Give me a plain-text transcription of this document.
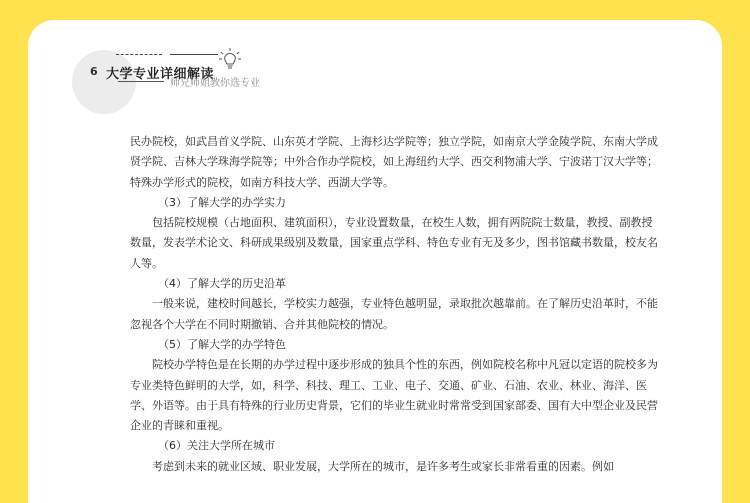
6 大学专业详细解读
师兄师姐教你选专业

民办院校，如武昌首义学院、山东英才学院、上海杉达学院等；独立学院，如南京大学金陵学院、东南大学成贤学院、吉林大学珠海学院等；中外合作办学院校，如上海纽约大学、西交利物浦大学、宁波诺丁汉大学等；特殊办学形式的院校，如南方科技大学、西湖大学等。

（3）了解大学的办学实力

包括院校规模（占地面积、建筑面积），专业设置数量，在校生人数，拥有两院院士数量，教授、副教授数量，发表学术论文、科研成果级别及数量，国家重点学科、特色专业有无及多少，图书馆藏书数量，校友名人等。

（4）了解大学的历史沿革

一般来说，建校时间越长，学校实力越强，专业特色越明显，录取批次越靠前。在了解历史沿革时，不能忽视各个大学在不同时期撤销、合并其他院校的情况。

（5）了解大学的办学特色

院校办学特色是在长期的办学过程中逐步形成的独具个性的东西，例如院校名称中凡冠以定语的院校多为专业类特色鲜明的大学，如，科学、科技、理工、工业、电子、交通、矿业、石油、农业、林业、海洋、医学、外语等。由于具有特殊的行业历史背景，它们的毕业生就业时常常受到国家部委、国有大中型企业及民营企业的青睐和重视。

（6）关注大学所在城市

考虑到未来的就业区域、职业发展，大学所在的城市，是许多考生或家长非常看重的因素。例如
